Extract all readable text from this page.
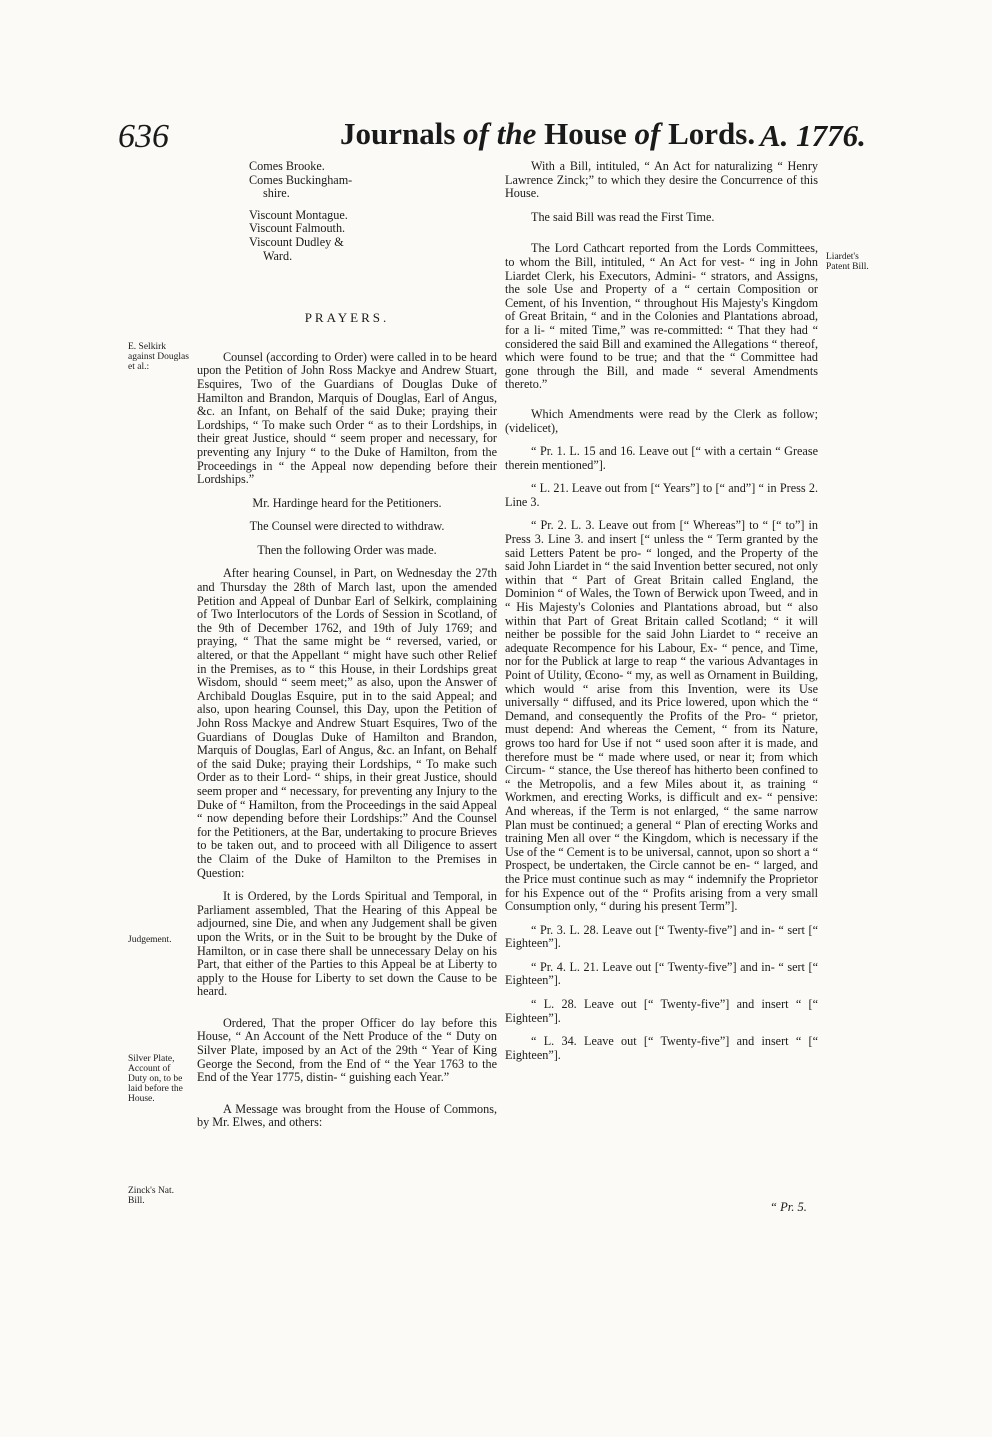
636	Journals of the House of Lords. A. 1776.
Comes Brooke.
Comes Buckingham-
shire.
Viscount Montague.
Viscount Falmouth.
Viscount Dudley &
Ward.

PRAYERS.

Counsel (according to Order) were called in to be heard upon the Petition of John Ross Mackye and Andrew Stuart, Esquires, Two of the Guardians of Douglas Duke of Hamilton and Brandon, Marquis of Douglas, Earl of Angus, &c. an Infant, on Behalf of the said Duke; praying their Lordships, “ To make such Order “ as to their Lordships, in their great Justice, should “ seem proper and necessary, for preventing any Injury “ to the Duke of Hamilton, from the Proceedings in “ the Appeal now depending before their Lordships.”

Mr. Hardinge heard for the Petitioners.

The Counsel were directed to withdraw.

Then the following Order was made.

After hearing Counsel, in Part, on Wednesday the 27th and Thursday the 28th of March last, upon the amended Petition and Appeal of Dunbar Earl of Selkirk, complaining of Two Interlocutors of the Lords of Session in Scotland, of the 9th of December 1762, and 19th of July 1769; and praying, “ That the same might be “ reversed, varied, or altered, or that the Appellant “ might have such other Relief in the Premises, as to “ this House, in their Lordships great Wisdom, should “ seem meet;” as also, upon the Answer of Archibald Douglas Esquire, put in to the said Appeal; and also, upon hearing Counsel, this Day, upon the Petition of John Ross Mackye and Andrew Stuart Esquires, Two of the Guardians of Douglas Duke of Hamilton and Brandon, Marquis of Douglas, Earl of Angus, &c. an Infant, on Behalf of the said Duke; praying their Lordships, “ To make such Order as to their Lord- “ ships, in their great Justice, should seem proper and “ necessary, for preventing any Injury to the Duke of “ Hamilton, from the Proceedings in the said Appeal “ now depending before their Lordships:” And the Counsel for the Petitioners, at the Bar, undertaking to procure Brieves to be taken out, and to proceed with all Diligence to assert the Claim of the Duke of Hamilton to the Premises in Question:

It is Ordered, by the Lords Spiritual and Temporal, in Parliament assembled, That the Hearing of this Appeal be adjourned, sine Die, and when any Judgement shall be given upon the Writs, or in the Suit to be brought by the Duke of Hamilton, or in case there shall be unnecessary Delay on his Part, that either of the Parties to this Appeal be at Liberty to apply to the House for Liberty to set down the Cause to be heard.

Ordered, That the proper Officer do lay before this House, “ An Account of the Nett Produce of the “ Duty on Silver Plate, imposed by an Act of the 29th “ Year of King George the Second, from the End of “ the Year 1763 to the End of the Year 1775, distin- “ guishing each Year.”

A Message was brought from the House of Commons, by Mr. Elwes, and others:

With a Bill, intituled, “ An Act for naturalizing “ Henry Lawrence Zinck;” to which they desire the Concurrence of this House.

The said Bill was read the First Time.

The Lord Cathcart reported from the Lords Committees, to whom the Bill, intituled, “ An Act for vest- “ ing in John Liardet Clerk, his Executors, Admini- “ strators, and Assigns, the sole Use and Property of a “ certain Composition or Cement, of his Invention, “ throughout His Majesty's Kingdom of Great Britain, “ and in the Colonies and Plantations abroad, for a li- “ mited Time,” was re-committed: “ That they had “ considered the said Bill and examined the Allegations “ thereof, which were found to be true; and that the “ Committee had gone through the Bill, and made “ several Amendments thereto.”

Which Amendments were read by the Clerk as follow; (videlicet),

“ Pr. 1. L. 15 and 16. Leave out [“ with a certain “ Grease therein mentioned”].

“ L. 21. Leave out from [“ Years”] to [“ and”] “ in Press 2. Line 3.

“ Pr. 2. L. 3. Leave out from [“ Whereas”] to “ [“ to”] in Press 3. Line 3. and insert [“ unless the “ Term granted by the said Letters Patent be pro- “ longed, and the Property of the said John Liardet in “ the said Invention better secured, not only within that “ Part of Great Britain called England, the Dominion “ of Wales, the Town of Berwick upon Tweed, and in “ His Majesty's Colonies and Plantations abroad, but “ also within that Part of Great Britain called Scotland; “ it will neither be possible for the said John Liardet to “ receive an adequate Recompence for his Labour, Ex- “ pence, and Time, nor for the Publick at large to reap “ the various Advantages in Point of Utility, Œcono- “ my, as well as Ornament in Building, which would “ arise from this Invention, were its Use universally “ diffused, and its Price lowered, upon which the “ Demand, and consequently the Profits of the Pro- “ prietor, must depend: And whereas the Cement, “ from its Nature, grows too hard for Use if not “ used soon after it is made, and therefore must be “ made where used, or near it; from which Circum- “ stance, the Use thereof has hitherto been confined to “ the Metropolis, and a few Miles about it, as training “ Workmen, and erecting Works, is difficult and ex- “ pensive: And whereas, if the Term is not enlarged, “ the same narrow Plan must be continued; a general “ Plan of erecting Works and training Men all over “ the Kingdom, which is necessary if the Use of the “ Cement is to be universal, cannot, upon so short a “ Prospect, be undertaken, the Circle cannot be en- “ larged, and the Price must continue such as may “ indemnify the Proprietor for his Expence out of the “ Profits arising from a very small Consumption only, “ during his present Term”].

“ Pr. 3. L. 28. Leave out [“ Twenty-five”] and in- “ sert [“ Eighteen”].

“ Pr. 4. L. 21. Leave out [“ Twenty-five”] and in- “ sert [“ Eighteen”].

“ L. 28. Leave out [“ Twenty-five”] and insert “ [“ Eighteen”].

“ L. 34. Leave out [“ Twenty-five”] and insert “ [“ Eighteen”].

E. Selkirk against Douglas et al.:
Judgement.
Silver Plate, Account of Duty on, to be laid before the House.
Zinck's Nat. Bill.
Liardet's Patent Bill.
“ Pr. 5.
